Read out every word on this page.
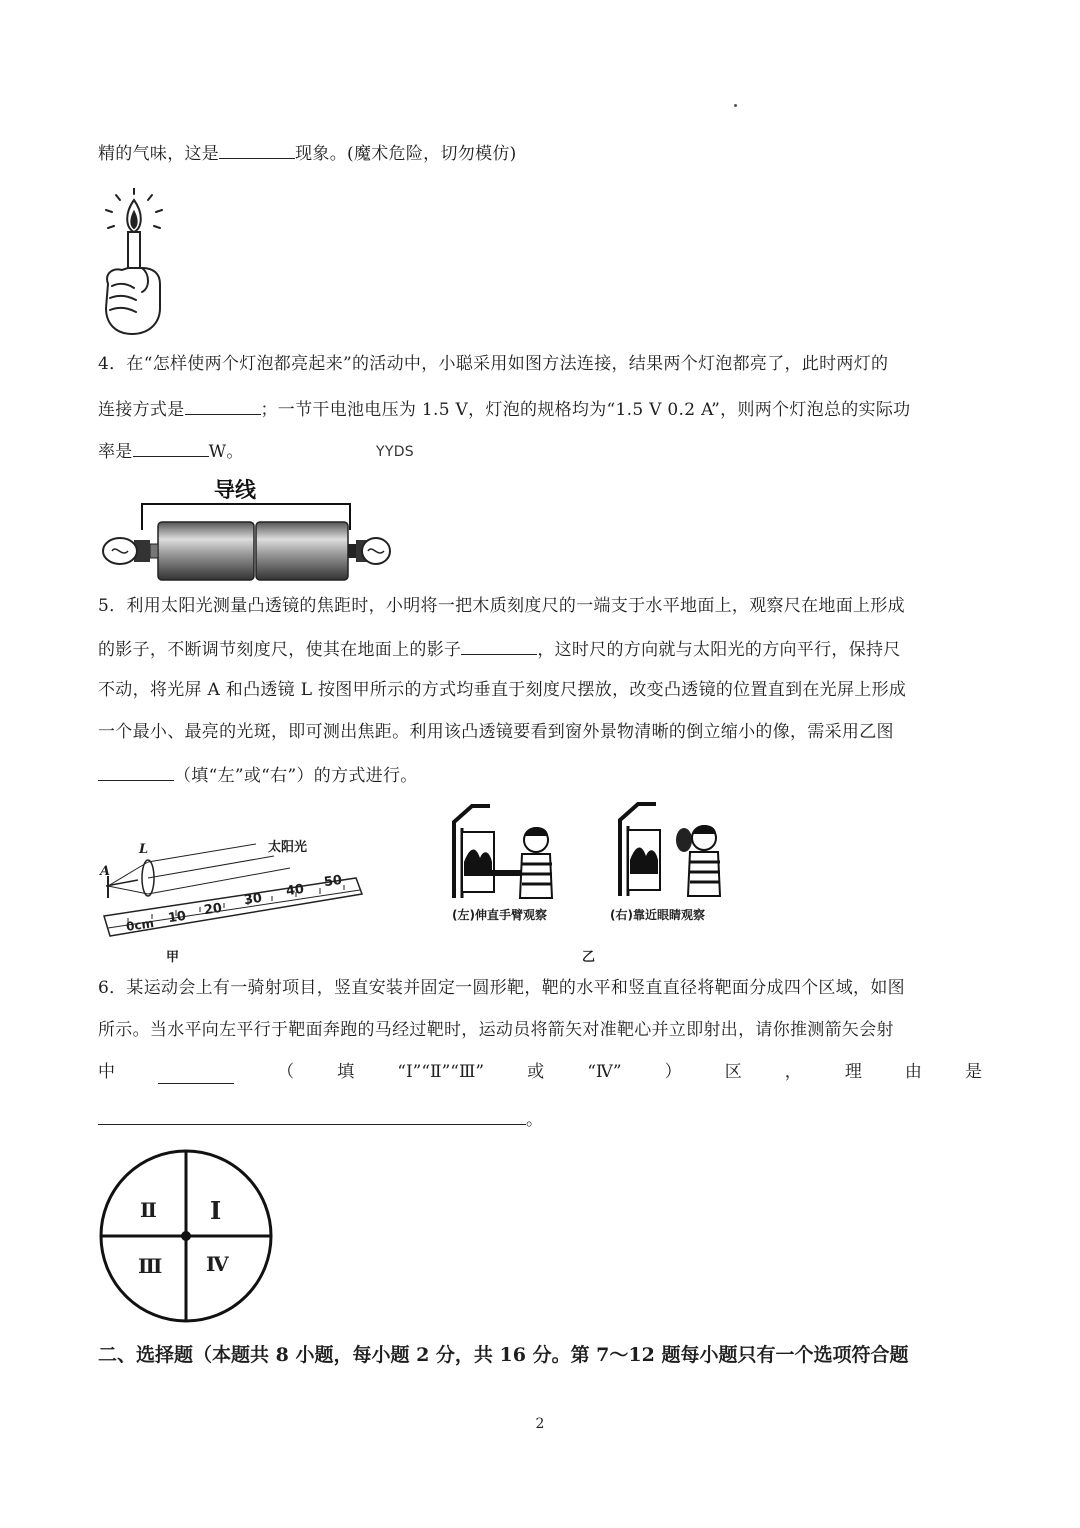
精的气味，这是	现象。(魔术危险，切勿模仿)
4．在“怎样使两个灯泡都亮起来”的活动中，小聪采用如图方法连接，结果两个灯泡都亮了，此时两灯的
连接方式是	；一节干电池电压为 1.5 V，灯泡的规格均为“1.5 V 0.2 A”，则两个灯泡总的实际功
率是	W。	YYDS
导线
5．利用太阳光测量凸透镜的焦距时，小明将一把木质刻度尺的一端支于水平地面上，观察尺在地面上形成
的影子，不断调节刻度尺，使其在地面上的影子	，这时尺的方向就与太阳光的方向平行，保持尺
不动，将光屏 A 和凸透镜 L 按图甲所示的方式均垂直于刻度尺摆放，改变凸透镜的位置直到在光屏上形成
一个最小、最亮的光斑，即可测出焦距。利用该凸透镜要看到窗外景物清晰的倒立缩小的像，需采用乙图
（填“左”或“右”）的方式进行。
太阳光
L
A
0cm 10 20
30
40
50
甲
(左)伸直手臂观察	(右)靠近眼睛观察
乙
6．某运动会上有一骑射项目，竖直安装并固定一圆形靶，靶的水平和竖直直径将靶面分成四个区域，如图
所示。当水平向左平行于靶面奔跑的马经过靶时，运动员将箭矢对准靶心并立即射出，请你推测箭矢会射
中	（	填	“Ⅰ”“Ⅱ”“Ⅲ”	或	“Ⅳ”	）	区	，	理	由	是
。
Ⅰ
Ⅱ
Ⅲ Ⅳ
二、选择题（本题共 8 小题，每小题 2 分，共 16 分。第 7～12 题每小题只有一个选项符合题
2
